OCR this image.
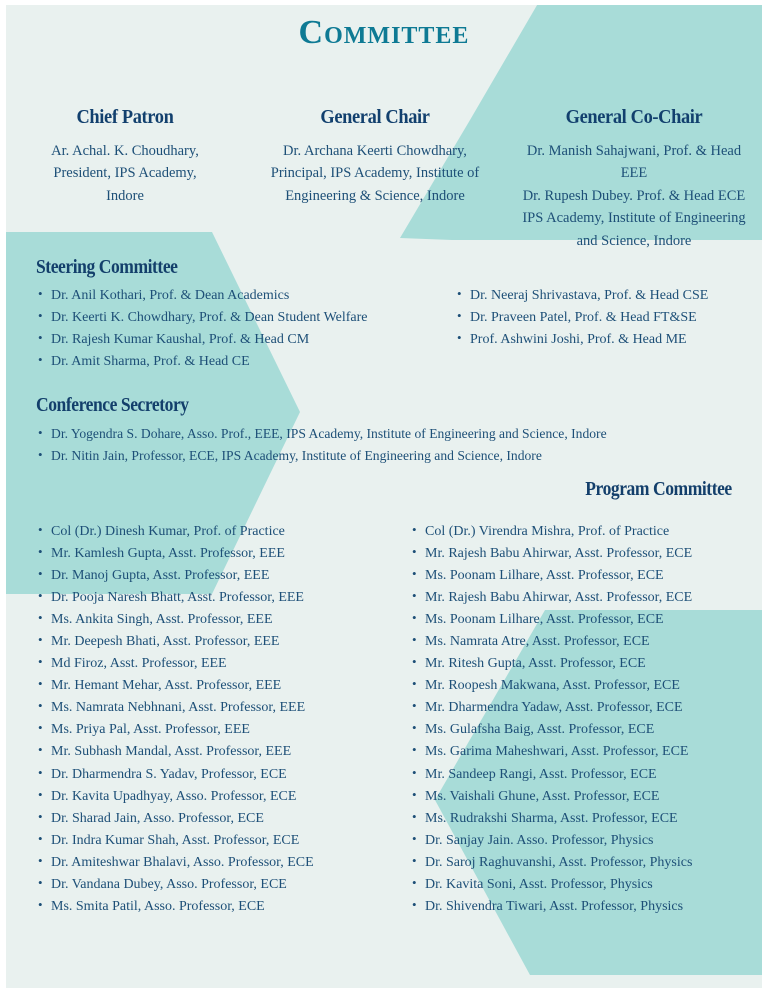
Committee
Chief Patron
Ar. Achal. K. Choudhary,
President, IPS Academy,
Indore
General Chair
Dr. Archana Keerti Chowdhary,
Principal, IPS Academy, Institute of
Engineering & Science, Indore
General Co-Chair
Dr. Manish Sahajwani, Prof. & Head EEE
Dr. Rupesh Dubey. Prof. & Head ECE
IPS Academy, Institute of Engineering
and Science, Indore
Steering Committee
• Dr. Anil Kothari, Prof. & Dean Academics
• Dr. Keerti K. Chowdhary, Prof. & Dean Student Welfare
• Dr. Rajesh Kumar Kaushal, Prof. & Head CM
• Dr. Amit Sharma, Prof. & Head CE
• Dr. Neeraj Shrivastava, Prof. & Head CSE
• Dr. Praveen Patel, Prof. & Head FT&SE
• Prof. Ashwini Joshi, Prof. & Head ME
Conference Secretory
• Dr. Yogendra S. Dohare, Asso. Prof., EEE, IPS Academy, Institute of Engineering and Science, Indore
• Dr. Nitin Jain, Professor, ECE, IPS Academy, Institute of Engineering and Science, Indore
Program Committee
• Col (Dr.) Dinesh Kumar, Prof. of Practice
• Mr. Kamlesh Gupta, Asst. Professor, EEE
• Dr. Manoj Gupta, Asst. Professor, EEE
• Dr. Pooja Naresh Bhatt, Asst. Professor, EEE
• Ms. Ankita Singh, Asst. Professor, EEE
• Mr. Deepesh Bhati, Asst. Professor, EEE
• Md Firoz, Asst. Professor, EEE
• Mr. Hemant Mehar, Asst. Professor, EEE
• Ms. Namrata Nebhnani, Asst. Professor, EEE
• Ms. Priya Pal, Asst. Professor, EEE
• Mr. Subhash Mandal, Asst. Professor, EEE
• Dr. Dharmendra S. Yadav, Professor, ECE
• Dr. Kavita Upadhyay, Asso. Professor, ECE
• Dr. Sharad Jain, Asso. Professor, ECE
• Dr. Indra Kumar Shah, Asst. Professor, ECE
• Dr. Amiteshwar Bhalavi, Asso. Professor, ECE
• Dr. Vandana Dubey, Asso. Professor, ECE
• Ms. Smita Patil, Asso. Professor, ECE
• Col (Dr.) Virendra Mishra, Prof. of Practice
• Mr. Rajesh Babu Ahirwar, Asst. Professor, ECE
• Ms. Poonam Lilhare, Asst. Professor, ECE
• Mr. Rajesh Babu Ahirwar, Asst. Professor, ECE
• Ms. Poonam Lilhare, Asst. Professor, ECE
• Ms. Namrata Atre, Asst. Professor, ECE
• Mr. Ritesh Gupta, Asst. Professor, ECE
• Mr. Roopesh Makwana, Asst. Professor, ECE
• Mr. Dharmendra Yadaw, Asst. Professor, ECE
• Ms. Gulafsha Baig, Asst. Professor, ECE
• Ms. Garima Maheshwari, Asst. Professor, ECE
• Mr. Sandeep Rangi, Asst. Professor, ECE
• Ms. Vaishali Ghune, Asst. Professor, ECE
• Ms. Rudrakshi Sharma, Asst. Professor, ECE
• Dr. Sanjay Jain. Asso. Professor, Physics
• Dr. Saroj Raghuvanshi, Asst. Professor, Physics
• Dr. Kavita Soni, Asst. Professor, Physics
• Dr. Shivendra Tiwari, Asst. Professor, Physics
